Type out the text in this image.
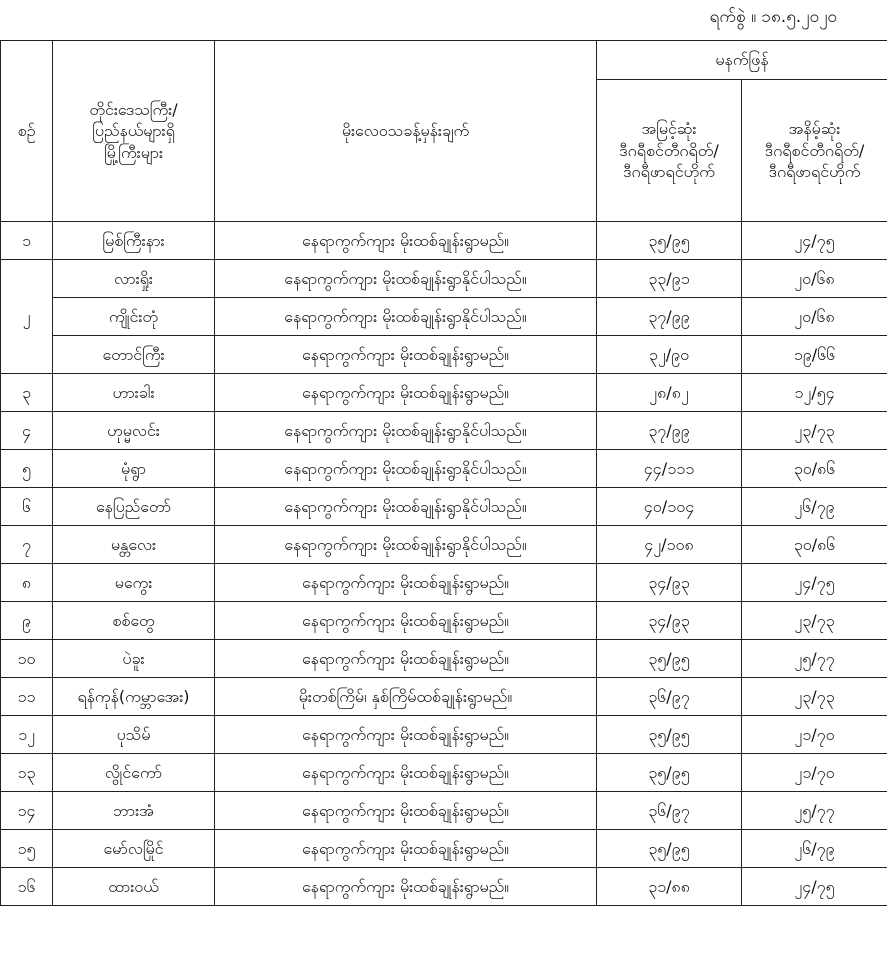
ရက်စွဲ ။ ၁၈.၅.၂၀၂၀
စဉ်	တိုင်းဒေသကြီး/
ပြည်နယ်များရှိ
မြို့ကြီးများ	မိုးလေဝသခန့်မှန်းချက်	မနက်ဖြန်	

			အမြင့်ဆုံး
ဒီဂရီစင်တီဂရိတ်/
ဒီဂရီဖာရင်ဟိုက်	အနိမ့်ဆုံး
ဒီဂရီစင်တီဂရိတ်/
ဒီဂရီဖာရင်ဟိုက်

၁	မြစ်ကြီးနား	နေရာကွက်ကျား မိုးထစ်ချုန်းရွာမည်။	၃၅/၉၅	၂၄/၇၅
၂	လားရှိုး	နေရာကွက်ကျား မိုးထစ်ချုန်းရွာနိုင်ပါသည်။	၃၃/၉၁	၂၀/၆၈
	ကျိုင်းတုံ	နေရာကွက်ကျား မိုးထစ်ချုန်းရွာနိုင်ပါသည်။	၃၇/၉၉	၂၀/၆၈
	တောင်ကြီး	နေရာကွက်ကျား မိုးထစ်ချုန်းရွာမည်။	၃၂/၉၀	၁၉/၆၆
၃	ဟားခါး	နေရာကွက်ကျား မိုးထစ်ချုန်းရွာမည်။	၂၈/၈၂	၁၂/၅၄
၄	ဟုမ္မလင်း	နေရာကွက်ကျား မိုးထစ်ချုန်းရွာနိုင်ပါသည်။	၃၇/၉၉	၂၃/၇၃
၅	မုံရွာ	နေရာကွက်ကျား မိုးထစ်ချုန်းရွာနိုင်ပါသည်။	၄၄/၁၁၁	၃၀/၈၆
၆	နေပြည်တော်	နေရာကွက်ကျား မိုးထစ်ချုန်းရွာနိုင်ပါသည်။	၄၀/၁၀၄	၂၆/၇၉
၇	မန္တလေး	နေရာကွက်ကျား မိုးထစ်ချုန်းရွာနိုင်ပါသည်။	၄၂/၁၀၈	၃၀/၈၆
၈	မကွေး	နေရာကွက်ကျား မိုးထစ်ချုန်းရွာမည်။	၃၄/၉၃	၂၄/၇၅
၉	စစ်တွေ	နေရာကွက်ကျား မိုးထစ်ချုန်းရွာမည်။	၃၄/၉၃	၂၃/၇၃
၁၀	ပဲခူး	နေရာကွက်ကျား မိုးထစ်ချုန်းရွာမည်။	၃၅/၉၅	၂၅/၇၇
၁၁	ရန်ကုန်(ကမ္ဘာအေး)	မိုးတစ်ကြိမ်၊ နှစ်ကြိမ်ထစ်ချုန်းရွာမည်။	၃၆/၉၇	၂၃/၇၃
၁၂	ပုသိမ်	နေရာကွက်ကျား မိုးထစ်ချုန်းရွာမည်။	၃၅/၉၅	၂၁/၇၀
၁၃	လွိုင်ကော်	နေရာကွက်ကျား မိုးထစ်ချုန်းရွာမည်။	၃၅/၉၅	၂၁/၇၀
၁၄	ဘားအံ	နေရာကွက်ကျား မိုးထစ်ချုန်းရွာမည်။	၃၆/၉၇	၂၅/၇၇
၁၅	မော်လမြိုင်	နေရာကွက်ကျား မိုးထစ်ချုန်းရွာမည်။	၃၅/၉၅	၂၆/၇၉
၁၆	ထားဝယ်	နေရာကွက်ကျား မိုးထစ်ချုန်းရွာမည်။	၃၁/၈၈	၂၄/၇၅
